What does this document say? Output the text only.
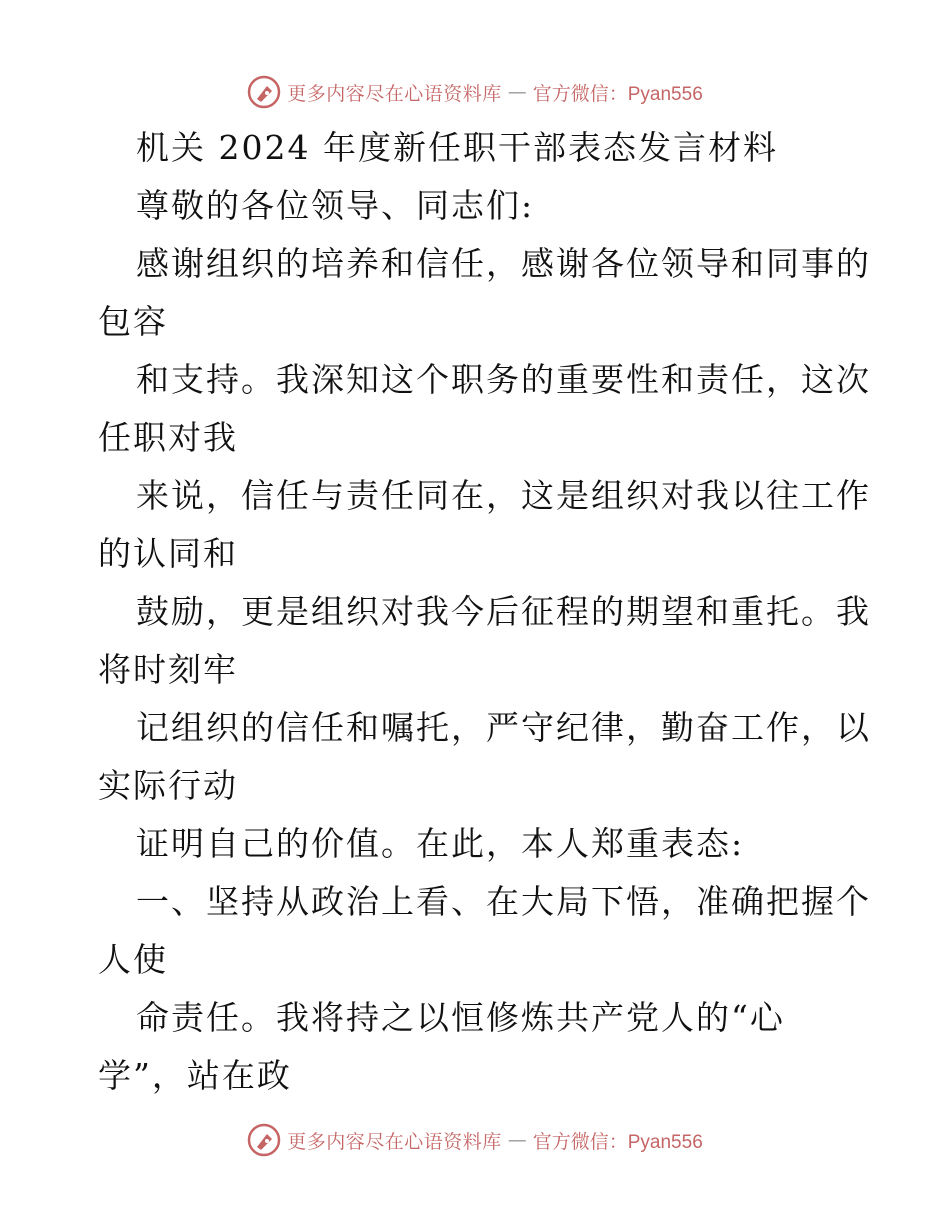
更多内容尽在心语资料库 — 官方微信：Pyan556
机关 2024 年度新任职干部表态发言材料
尊敬的各位领导、同志们:
感谢组织的培养和信任，感谢各位领导和同事的
包容
和支持。我深知这个职务的重要性和责任，这次
任职对我
来说，信任与责任同在，这是组织对我以往工作
的认同和
鼓励，更是组织对我今后征程的期望和重托。我
将时刻牢
记组织的信任和嘱托，严守纪律，勤奋工作，以
实际行动
证明自己的价值。在此，本人郑重表态:
一、坚持从政治上看、在大局下悟，准确把握个
人使
命责任。我将持之以恒修炼共产党人的“心
学”，站在政
更多内容尽在心语资料库 — 官方微信：Pyan556
